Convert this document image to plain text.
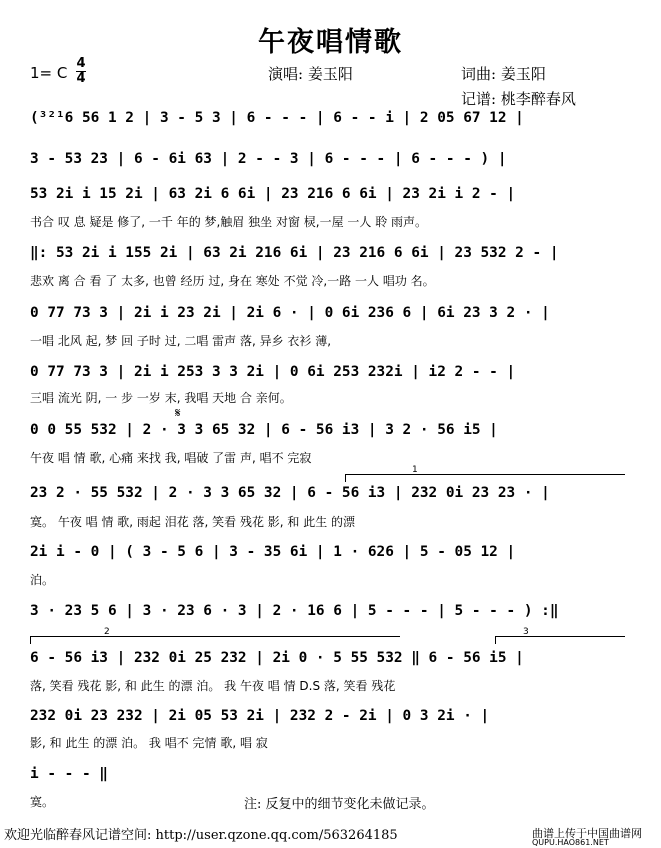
午夜唱情歌
1= C
4
4	演唱: 姜玉阳	词曲: 姜玉阳
记谱: 桃李醉春风
(³²¹6 56 1 2 | 3 - 5 3 | 6 - - - | 6 - - i | 2 05 67 12 |
3 - 53 23 | 6 - 6i 63 | 2 - - 3 | 6 - - - | 6 - - - ) |
53 2i i 15 2i | 63 2i 6 6i | 23 216 6 6i | 23 2i i 2 - |
书合 叹 息 疑是 修了, 一千 年的 梦,触眉 独坐 对窗 棂,一屋 一人 聆 雨声。
‖: 53 2i i 155 2i | 63 2i 216 6i | 23 216 6 6i | 23 532 2 - |
悲欢 离 合 看 了 太多, 也曾 经历 过, 身在 寒处 不觉 冷,一路 一人 唱功 名。
0 77 73 3 | 2i i 23 2i | 2i 6 · | 0 6i 236 6 | 6i 23 3 2 · |
一唱 北风 起, 梦 回 子时 过, 二唱 雷声 落, 异乡 衣衫 薄,
0 77 73 3 | 2i i 253 3 3 2i | 0 6i 253 232i | i2 2 - - |
三唱 流光 阴, 一 步 一岁 末, 我唱 天地 合 亲何。
𝄋
0 0 55 532 | 2 · 3 3 65 32 | 6 - 56 i3 | 3 2 · 56 i5 |
午夜 唱 情 歌, 心痛 来找 我, 唱破 了雷 声, 唱不 完寂
1
23 2 · 55 532 | 2 · 3 3 65 32 | 6 - 56 i3 | 232 0i 23 23 · |
寞。 午夜 唱 情 歌, 雨起 泪花 落, 笑看 残花 影, 和 此生 的漂
2i i - 0 | ( 3 - 5 6 | 3 - 35 6i | 1 · 626 | 5 - 05 12 |
泊。
3 · 23 5 6 | 3 · 23 6 · 3 | 2 · 16 6 | 5 - - - | 5 - - - ) :‖
2	3
6 - 56 i3 | 232 0i 25 232 | 2i 0 · 5 55 532 ‖ 6 - 56 i5 |
落, 笑看 残花 影, 和 此生 的漂 泊。 我 午夜 唱 情 D.S 落, 笑看 残花
232 0i 23 232 | 2i 05 53 2i | 232 2 - 2i | 0 3 2i · |
影, 和 此生 的漂 泊。 我 唱不 完情 歌, 唱 寂
i - - - ‖
寞。	注: 反复中的细节变化未做记录。
欢迎光临醉春风记谱空间: http://user.qzone.qq.com/563264185	曲谱上传于中国曲谱网
QUPU.HAO861.NET
